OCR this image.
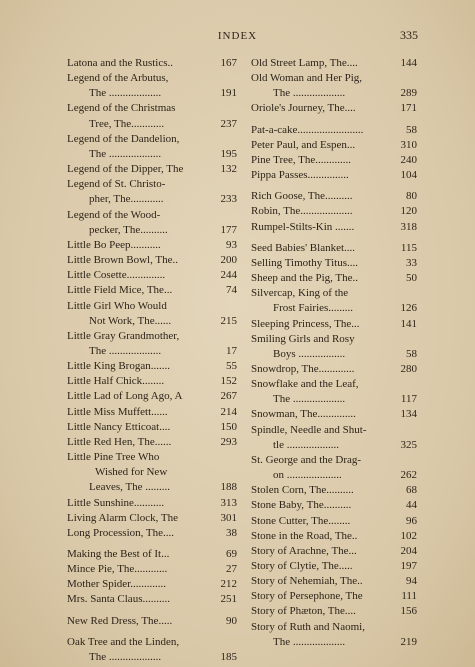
INDEX	335
Latona and the Rustics..	167
Legend of the Arbutus,
The ...................	191
Legend of the Christmas
Tree, The............	237
Legend of the Dandelion,
The ...................	195
Legend of the Dipper, The	132
Legend of St. Christo-
pher, The............	233
Legend of the Wood-
pecker, The..........	177
Little Bo Peep...........	93
Little Brown Bowl, The..	200
Little Cosette..............	244
Little Field Mice, The...	74
Little Girl Who Would
Not Work, The......	215
Little Gray Grandmother,
The ...................	17
Little King Brogan.......	55
Little Half Chick........	152
Little Lad of Long Ago, A	267
Little Miss Muffett......	214
Little Nancy Etticoat....	150
Little Red Hen, The......	293
Little Pine Tree Who
Wished for New
Leaves, The .........	188
Little Sunshine...........	313
Living Alarm Clock, The	301
Long Procession, The....	38
Making the Best of It...	69
Mince Pie, The............	27
Mother Spider.............	212
Mrs. Santa Claus..........	251
New Red Dress, The.....	90
Oak Tree and the Linden,
The ...................	185
Old Street Lamp, The....	144
Old Woman and Her Pig,
The ...................	289
Oriole's Journey, The....	171
Pat-a-cake........................	58
Peter Paul, and Espen...	310
Pine Tree, The.............	240
Pippa Passes...............	104
Rich Goose, The..........	80
Robin, The...................	120
Rumpel-Stilts-Kin .......	318
Seed Babies' Blanket....	115
Selling Timothy Titus....	33
Sheep and the Pig, The..	50
Silvercap, King of the
Frost Fairies.........	126
Sleeping Princess, The...	141
Smiling Girls and Rosy
Boys .................	58
Snowdrop, The.............	280
Snowflake and the Leaf,
The ...................	117
Snowman, The..............	134
Spindle, Needle and Shut-
tle ...................	325
St. George and the Drag-
on ....................	262
Stolen Corn, The..........	68
Stone Baby, The..........	44
Stone Cutter, The........	96
Stone in the Road, The..	102
Story of Arachne, The...	204
Story of Clytie, The.....	197
Story of Nehemiah, The..	94
Story of Persephone, The	111
Story of Phæton, The....	156
Story of Ruth and Naomi,
The ...................	219
